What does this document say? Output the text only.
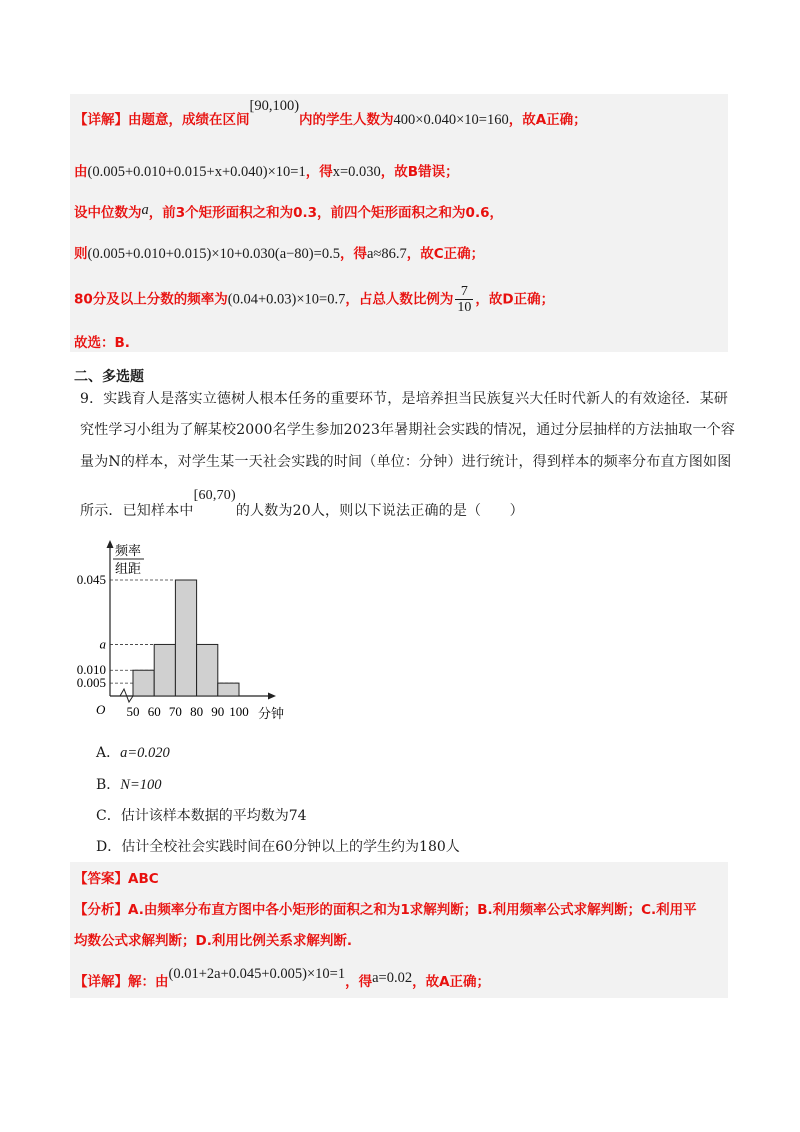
【详解】由题意，成绩在区间[90,100)内的学生人数为400×0.040×10=160，故A正确；
由(0.005+0.010+0.015+x+0.040)×10=1，得x=0.030，故B错误；
设中位数为a，前3个矩形面积之和为0.3，前四个矩形面积之和为0.6，
则(0.005+0.010+0.015)×10+0.030(a−80)=0.5，得a≈86.7，故C正确；
80分及以上分数的频率为(0.04+0.03)×10=0.7，占总人数比例为 $\frac{7}{10}$ ，故D正确；
故选：B.
二、多选题
9．实践育人是落实立德树人根本任务的重要环节，是培养担当民族复兴大任时代新人的有效途径．某研
究性学习小组为了解某校2000名学生参加2023年暑期社会实践的情况，通过分层抽样的方法抽取一个容
量为N的样本，对学生某一天社会实践的时间（单位：分钟）进行统计，得到样本的频率分布直方图如图
所示．已知样本中[60,70)的人数为20人，则以下说法正确的是（　　）
频率
组距
O	分钟
0.005
0.010
a
0.045
50 60 70 80 90 100
A．a=0.020
B．N=100
C．估计该样本数据的平均数为74
D．估计全校社会实践时间在60分钟以上的学生约为180人
【答案】ABC
【分析】A.由频率分布直方图中各小矩形的面积之和为1求解判断；B.利用频率公式求解判断；C.利用平
均数公式求解判断；D.利用比例关系求解判断.
【详解】解：由(0.01+2a+0.045+0.005)×10=1，得a=0.02，故A正确；
